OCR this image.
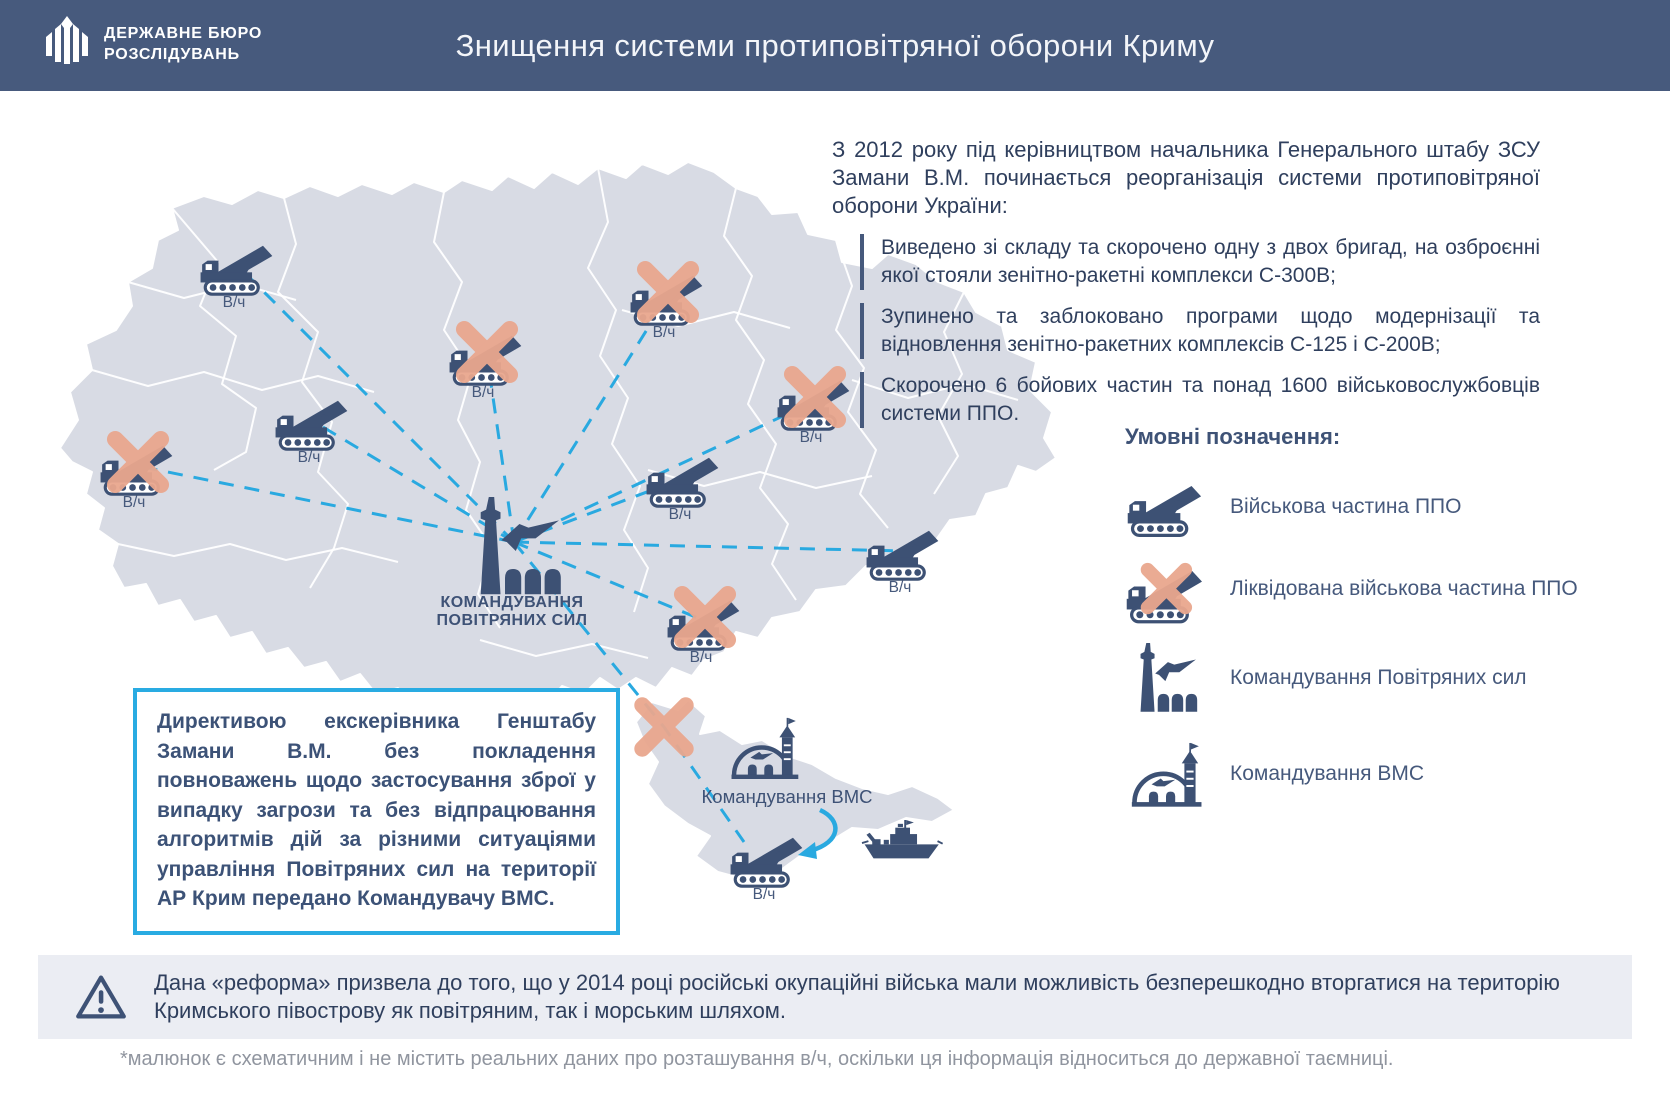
В/ч
В/ч
В/ч
В/ч
В/ч
В/ч
В/ч
В/ч
В/ч
В/ч
КОМАНДУВАННЯ
ПОВІТРЯНИХ СИЛ
Командування ВМС
ДЕРЖАВНЕ БЮРО
РОЗСЛІДУВАНЬ	Знищення системи протиповітряної оборони Криму
З 2012 року під керівництвом начальника Генерального штабу ЗСУ Замани В.М. починається реорганізація системи протиповітряної оборони України:
Виведено зі складу та скорочено одну з двох бригад, на озброєнні якої стояли зенітно-ракетні комплекси С-300В;
Зупинено та заблоковано програми щодо модернізації та відновлення зенітно-ракетних комплексів С-125 і С-200В;
Скорочено 6 бойових частин та понад 1600 військовослужбовців системи ППО.
Умовні позначення:
Військова частина ППО
Ліквідована військова частина ППО
Командування Повітряних сил
Командування ВМС
Директивою екскерівника Генштабу Замани В.М. без покладення повноважень щодо застосування зброї у випадку загрози та без відпрацювання алгоритмів дій за різними ситуаціями управління Повітряних сил на території АР Крим передано Командувачу ВМС.
Дана «реформа» призвела до того, що у 2014 році російські окупаційні війська мали можливість безперешкодно вторгатися на територію Кримського півострову як повітряним, так і морським шляхом.
*малюнок є схематичним і не містить реальних даних про розташування в/ч, оскільки ця інформація відноситься до державної таємниці.
